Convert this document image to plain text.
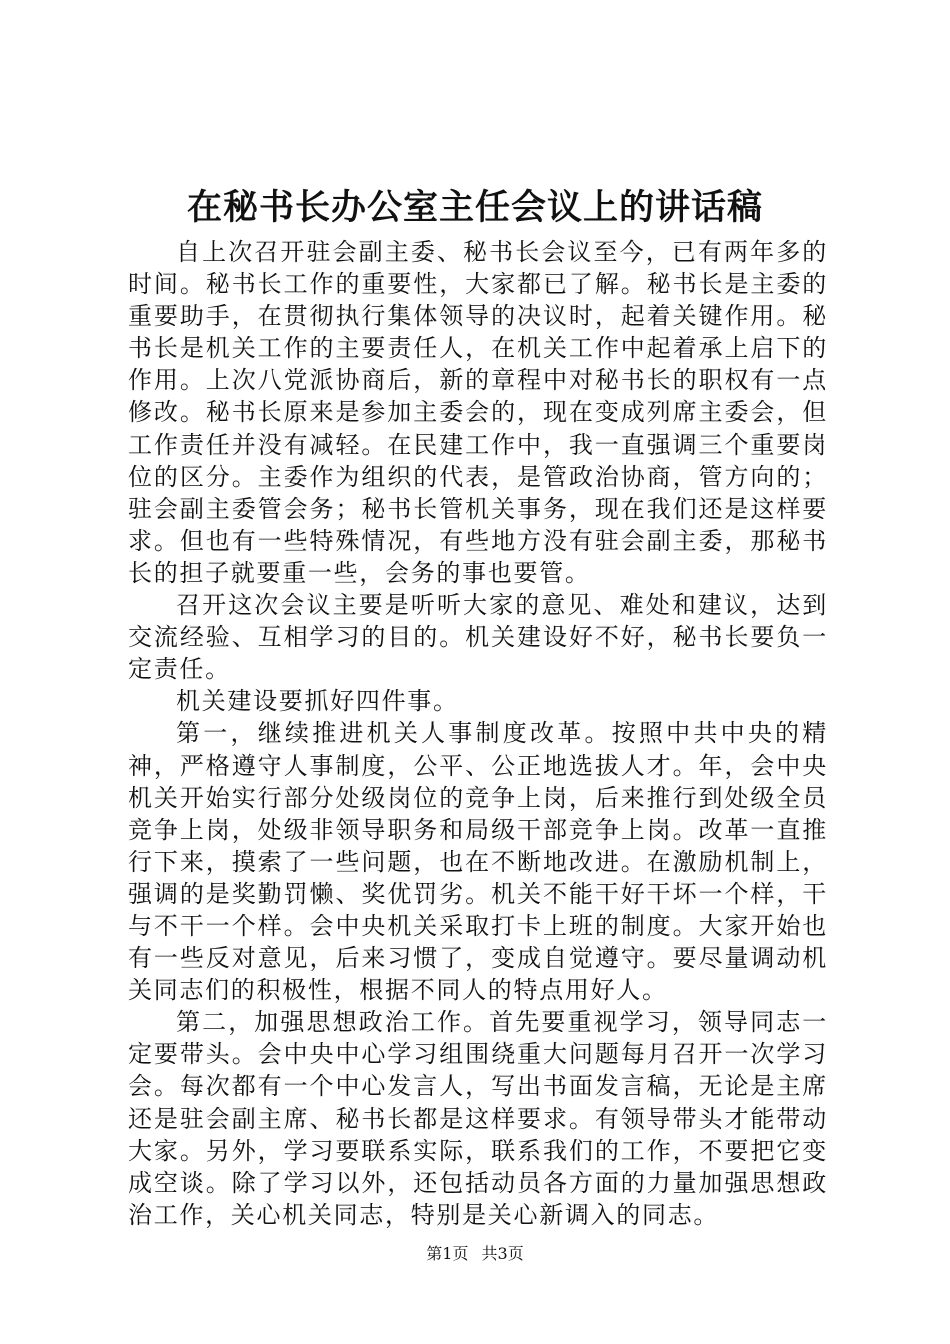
在秘书长办公室主任会议上的讲话稿

自上次召开驻会副主委、秘书长会议至今，已有两年多的时间。秘书长工作的重要性，大家都已了解。秘书长是主委的重要助手，在贯彻执行集体领导的决议时，起着关键作用。秘书长是机关工作的主要责任人，在机关工作中起着承上启下的作用。上次八党派协商后，新的章程中对秘书长的职权有一点修改。秘书长原来是参加主委会的，现在变成列席主委会，但工作责任并没有减轻。在民建工作中，我一直强调三个重要岗位的区分。主委作为组织的代表，是管政治协商，管方向的；驻会副主委管会务；秘书长管机关事务，现在我们还是这样要求。但也有一些特殊情况，有些地方没有驻会副主委，那秘书长的担子就要重一些，会务的事也要管。

召开这次会议主要是听听大家的意见、难处和建议，达到交流经验、互相学习的目的。机关建设好不好，秘书长要负一定责任。

机关建设要抓好四件事。

第一，继续推进机关人事制度改革。按照中共中央的精神，严格遵守人事制度，公平、公正地选拔人才。年，会中央机关开始实行部分处级岗位的竞争上岗，后来推行到处级全员竞争上岗，处级非领导职务和局级干部竞争上岗。改革一直推行下来，摸索了一些问题，也在不断地改进。在激励机制上，强调的是奖勤罚懒、奖优罚劣。机关不能干好干坏一个样，干与不干一个样。会中央机关采取打卡上班的制度。大家开始也有一些反对意见，后来习惯了，变成自觉遵守。要尽量调动机关同志们的积极性，根据不同人的特点用好人。

第二，加强思想政治工作。首先要重视学习，领导同志一定要带头。会中央中心学习组围绕重大问题每月召开一次学习会。每次都有一个中心发言人，写出书面发言稿，无论是主席还是驻会副主席、秘书长都是这样要求。有领导带头才能带动大家。另外，学习要联系实际，联系我们的工作，不要把它变成空谈。除了学习以外，还包括动员各方面的力量加强思想政治工作，关心机关同志，特别是关心新调入的同志。

第1页 共3页
